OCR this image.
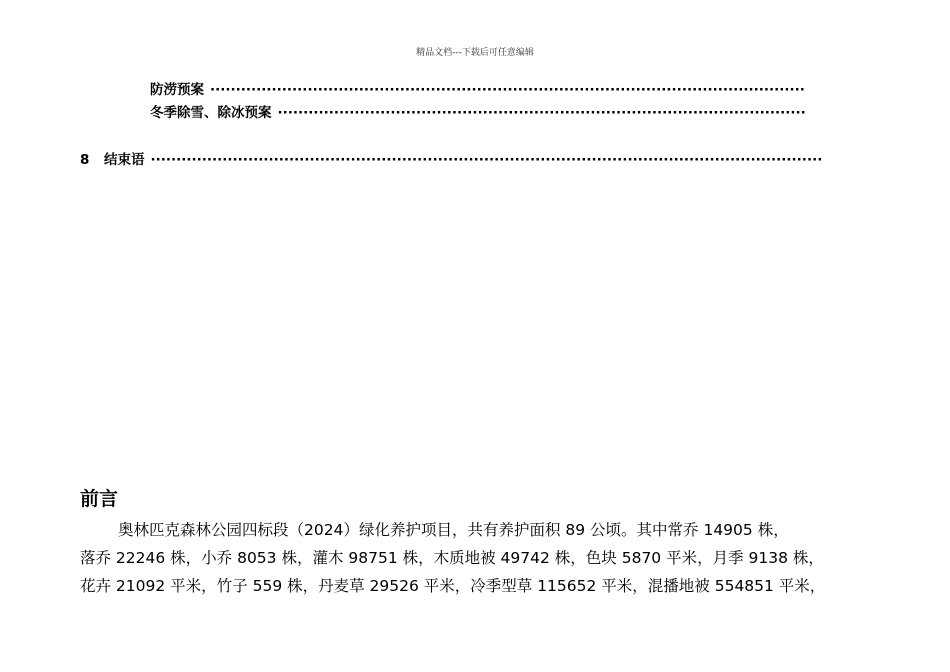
精品文档---下载后可任意编辑
防涝预案
·····
冬季除雪、除冰预案
·····
8	结束语
·····
前言
奥林匹克森林公园四标段（2024）绿化养护项目，共有养护面积 89 公顷。其中常乔 14905 株，
落乔 22246 株，小乔 8053 株，灌木 98751 株，木质地被 49742 株，色块 5870 平米，月季 9138 株，
花卉 21092 平米，竹子 559 株，丹麦草 29526 平米，冷季型草 115652 平米，混播地被 554851 平米，
